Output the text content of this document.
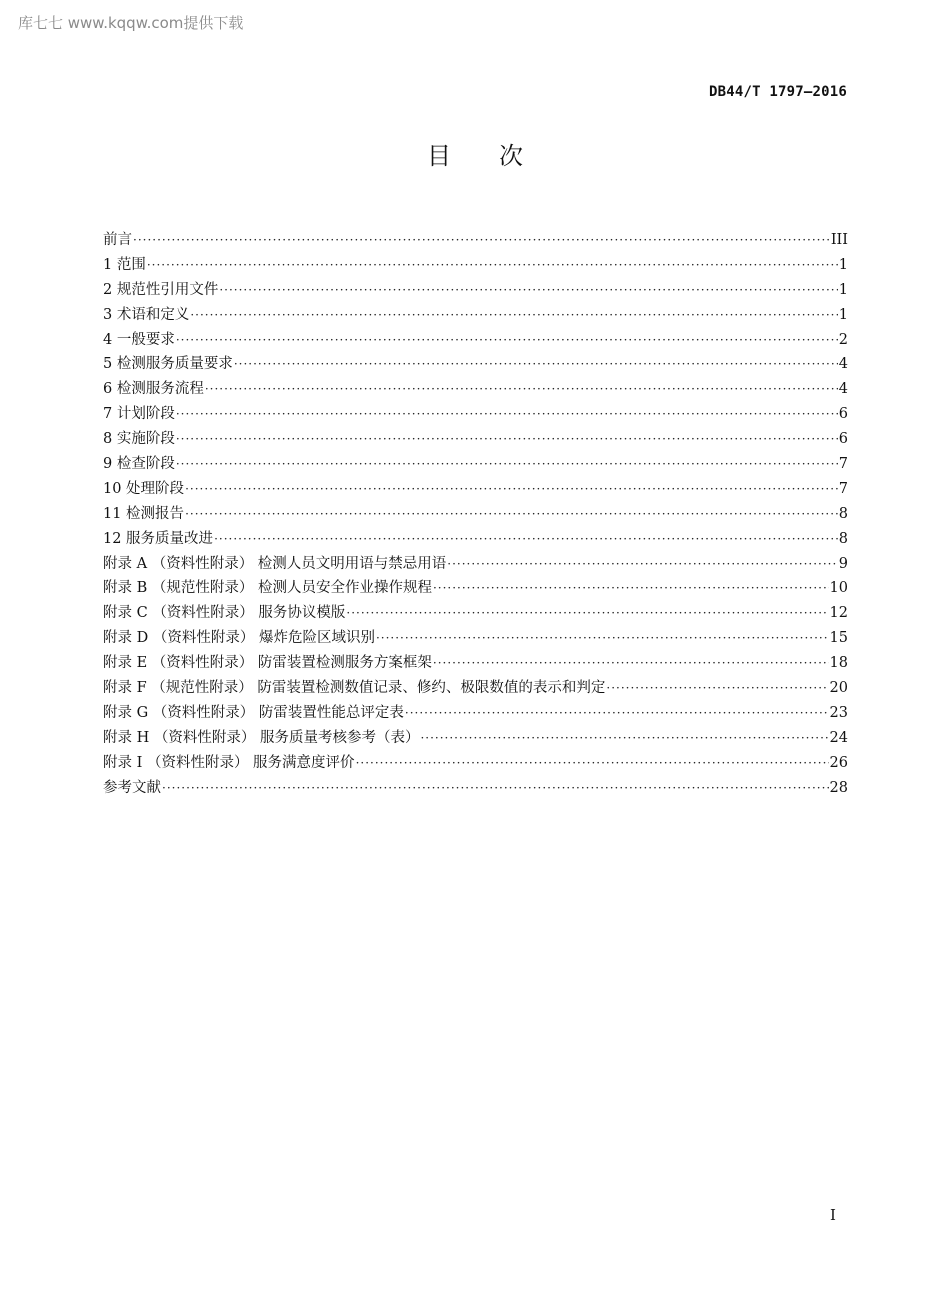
库七七 www.kqqw.com提供下载
DB44/T 1797—2016
目次
前言 ·····	III
1 范围 ·····	1
2 规范性引用文件 ·····	1
3 术语和定义 ·····	1
4 一般要求 ·····	2
5 检测服务质量要求 ·····	4
6 检测服务流程 ·····	4
7 计划阶段 ·····	6
8 实施阶段 ·····	6
9 检查阶段 ·····	7
10 处理阶段 ·····	7
11 检测报告 ·····	8
12 服务质量改进 ·····	8
附录 A （资料性附录） 检测人员文明用语与禁忌用语 ·····	9
附录 B （规范性附录） 检测人员安全作业操作规程 ·····	10
附录 C （资料性附录） 服务协议模版 ·····	12
附录 D （资料性附录） 爆炸危险区域识别 ·····	15
附录 E （资料性附录） 防雷装置检测服务方案框架 ·····	18
附录 F （规范性附录） 防雷装置检测数值记录、修约、极限数值的表示和判定 ·····	20
附录 G （资料性附录） 防雷装置性能总评定表 ·····	23
附录 H （资料性附录） 服务质量考核参考（表） ·····	24
附录 I （资料性附录） 服务满意度评价 ·····	26
参考文献 ·····	28
I
